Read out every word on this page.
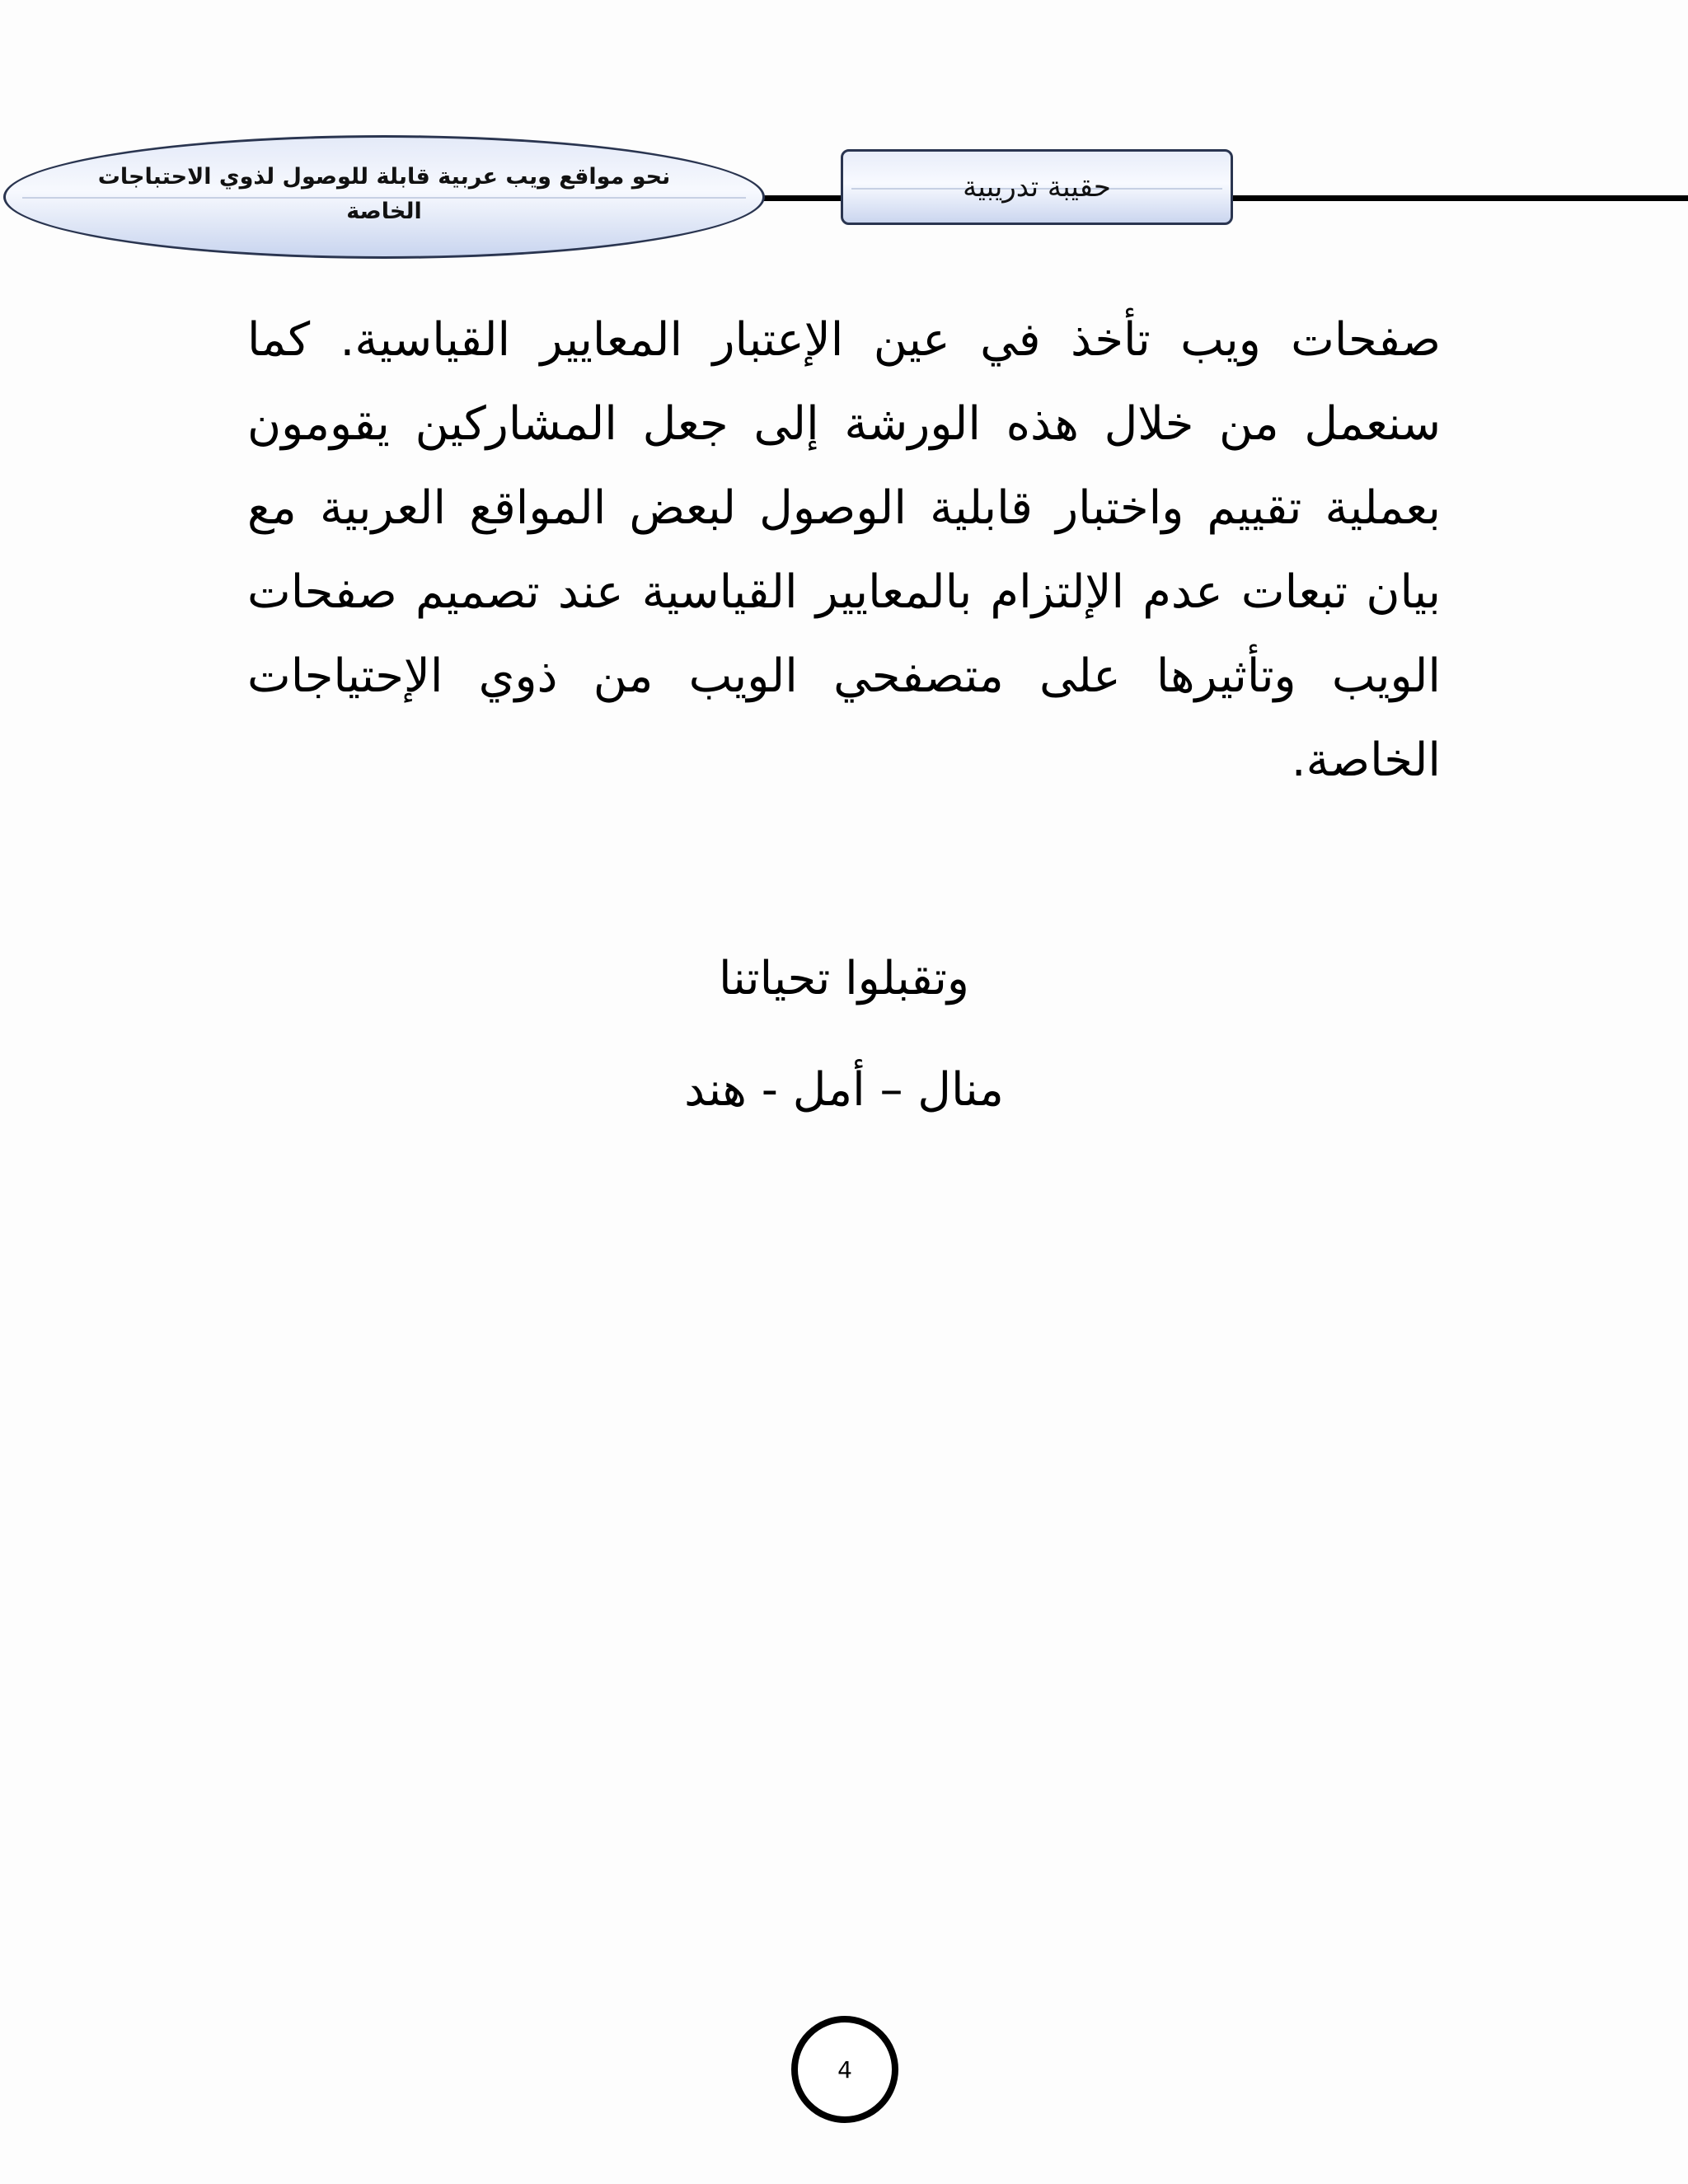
نحو مواقع ويب عربية قابلة للوصول لذوي الاحتباجات الخاصة
حقيبة تدريبية

صفحات ويب تأخذ في عين الإعتبار المعايير القياسية. كما سنعمل من خلال هذه الورشة إلى جعل المشاركين يقومون بعملية تقييم واختبار قابلية الوصول لبعض المواقع العربية مع بيان تبعات عدم الإلتزام بالمعايير القياسية عند تصميم صفحات الويب وتأثيرها على متصفحي الويب من ذوي الإحتياجات الخاصة.

وتقبلوا تحياتنا

منال – أمل - هند

4
